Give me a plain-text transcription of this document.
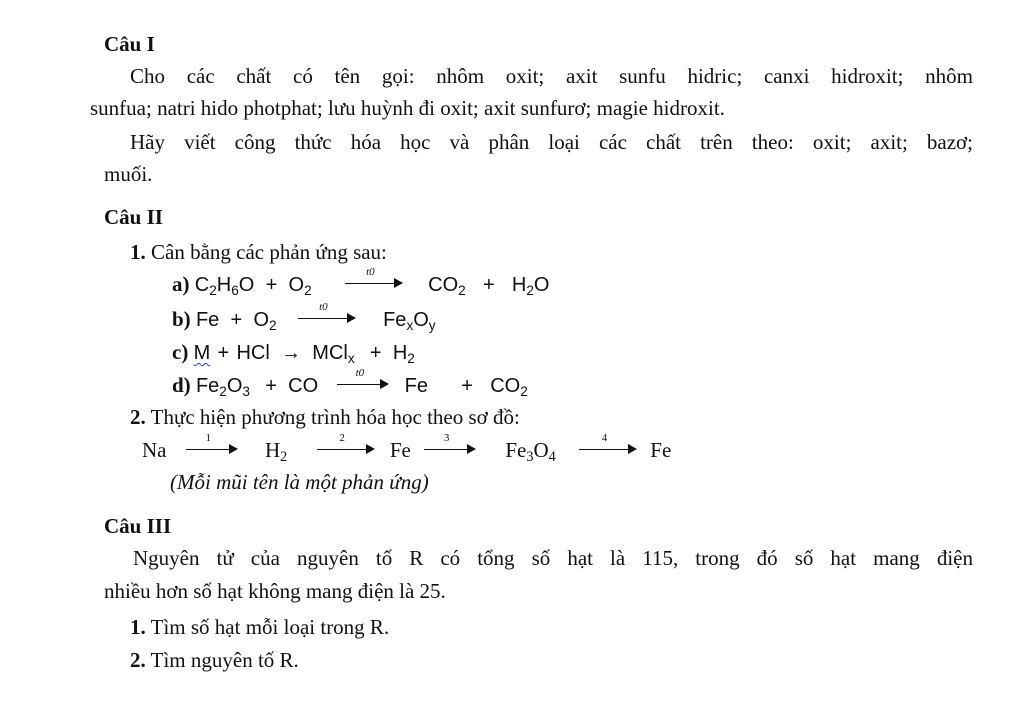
Câu I
Cho các chất có tên gọi: nhôm oxit; axit sunfu hidric; canxi hidroxit; nhôm
sunfua; natri hido photphat; lưu huỳnh đi oxit; axit sunfurơ; magie hidroxit.
Hãy viết công thức hóa học và phân loại các chất trên theo: oxit; axit; bazơ;
muối.
Câu II
1. Cân bằng các phản ứng sau:
a) $C_2H_6O + O_2$
t0
$CO_2 + H_2O$
b) $Fe + O_2$
t0
$Fe_xO_y$
c) M + HCl → $MCl_x + H_2$
d) $Fe_2O_3$ + CO
t0
$Fe + CO_2$
2. Thực hiện phương trình hóa học theo sơ đồ:
Na	1	$H_2$
2	Fe	3	$Fe_3O_4$
4	Fe
(Mỗi mũi tên là một phản ứng)
Câu III
Nguyên tử của nguyên tố R có tổng số hạt là 115, trong đó số hạt mang điện
nhiều hơn số hạt không mang điện là 25.
1. Tìm số hạt mỗi loại trong R.
2. Tìm nguyên tố R.
